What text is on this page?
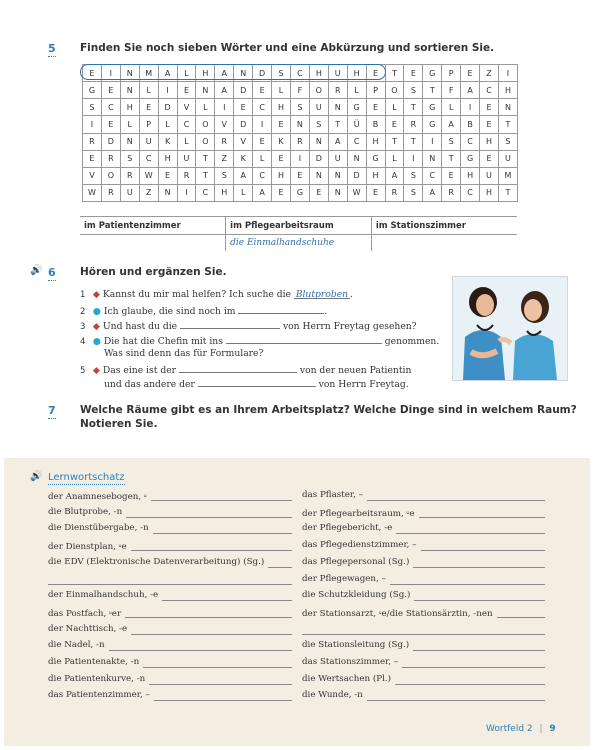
5 Finden Sie noch sieben Wörter und eine Abkürzung und sortieren Sie.
E	I	N	M	A	L	H	A	N	D	S	C	H	U	H	E	T	E	G	P	E	Z	I
G	E	N	L	I	E	N	A	D	E	L	F	O	R	L	P	O	S	T	F	A	C	H
S	C	H	E	D	V	L	I	E	C	H	S	U	N	G	E	L	T	G	L	I	E	N
I	E	L	P	L	C	O	V	D	I	E	N	S	T	Ü	B	E	R	G	A	B	E	T
R	D	N	U	K	L	O	R	V	E	K	R	N	A	C	H	T	T	I	S	C	H	S
E	R	S	C	H	U	T	Z	K	L	E	I	D	U	N	G	L	I	N	T	G	E	U
V	O	R	W	E	R	T	S	A	C	H	E	N	N	D	H	A	S	C	E	H	U	M
W	R	U	Z	N	I	C	H	L	A	E	G	E	N	W	E	R	S	A	R	C	H	T
im Patientenzimmer	im Pflegearbeitsraum	im Stationszimmer
	die Einmalhandschuhe	
🔊 6 Hören und ergänzen Sie.
1 ◆ Kannst du mir mal helfen? Ich suche die Blutproben .
2 ● Ich glaube, die sind noch im	.
3 ◆ Und hast du die	von Herrn Freytag gesehen?
4 ● Die hat die Chefin mit ins	genommen.
Was sind denn das für Formulare?
5 ◆ Das eine ist der	von der neuen Patientin
und das andere der	von Herrn Freytag.
7 Welche Räume gibt es an Ihrem Arbeitsplatz? Welche Dinge sind in welchem Raum?
Notieren Sie.
🔊 Lernwortschatz
der Anamnesebogen, ⸚
die Blutprobe, -n
die Dienstübergabe, -n
der Dienstplan, ⸚e
die EDV (Elektronische Datenverarbeitung) (Sg.)
der Einmalhandschuh, -e
das Postfach, ⸚er
der Nachttisch, -e
die Nadel, -n
die Patientenakte, -n
die Patientenkurve, -n
das Patientenzimmer, –
das Pflaster, –
der Pflegearbeitsraum, ⸚e
der Pflegebericht, -e
das Pflegedienstzimmer, –
das Pflegepersonal (Sg.)
der Pflegewagen, –
die Schutzkleidung (Sg.)
der Stationsarzt, ⸚e/die Stationsärztin, -nen
die Stationsleitung (Sg.)
das Stationszimmer, –
die Wertsachen (Pl.)
die Wunde, -n
Wortfeld 2 | 9
